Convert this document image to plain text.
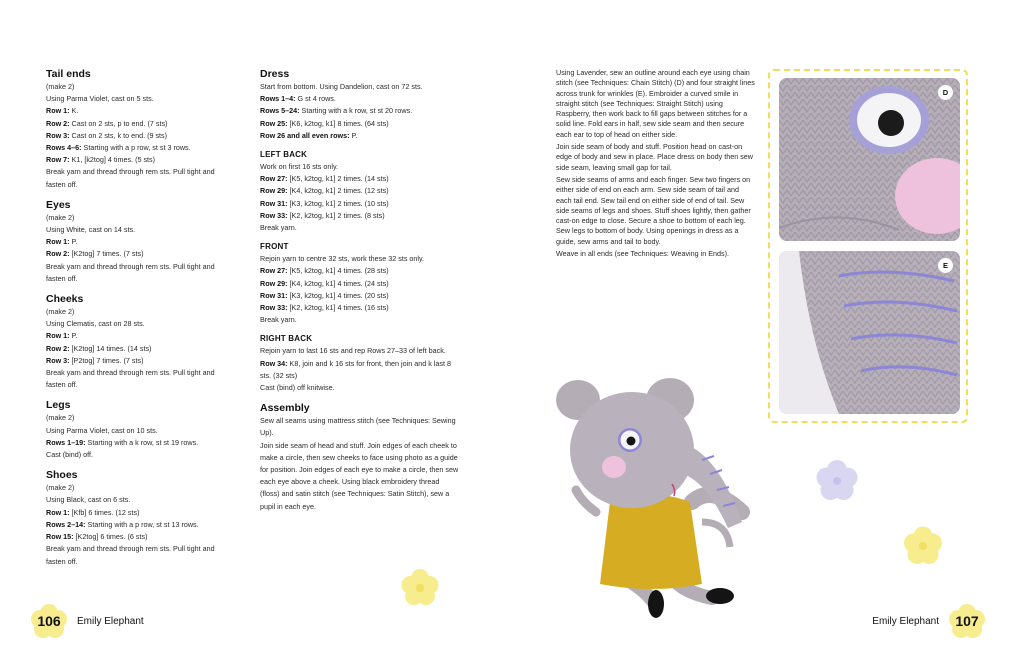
Tail ends
(make 2)
Using Parma Violet, cast on 5 sts.
Row 1: K.
Row 2: Cast on 2 sts, p to end. (7 sts)
Row 3: Cast on 2 sts, k to end. (9 sts)
Rows 4–6: Starting with a p row, st st 3 rows.
Row 7: K1, [k2tog] 4 times. (5 sts)
Break yarn and thread through rem sts. Pull tight and fasten off.
Eyes
(make 2)
Using White, cast on 14 sts.
Row 1: P.
Row 2: [K2tog] 7 times. (7 sts)
Break yarn and thread through rem sts. Pull tight and fasten off.
Cheeks
(make 2)
Using Clematis, cast on 28 sts.
Row 1: P.
Row 2: [K2tog] 14 times. (14 sts)
Row 3: [P2tog] 7 times. (7 sts)
Break yarn and thread through rem sts. Pull tight and fasten off.
Legs
(make 2)
Using Parma Violet, cast on 10 sts.
Rows 1–19: Starting with a k row, st st 19 rows.
Cast (bind) off.
Shoes
(make 2)
Using Black, cast on 6 sts.
Row 1: [Kfb] 6 times. (12 sts)
Rows 2–14: Starting with a p row, st st 13 rows.
Row 15: [K2tog] 6 times. (6 sts)
Break yarn and thread through rem sts. Pull tight and fasten off.
Dress
Start from bottom. Using Dandelion, cast on 72 sts.
Rows 1–4: G st 4 rows.
Rows 5–24: Starting with a k row, st st 20 rows.
Row 25: [K6, k2tog, k1] 8 times. (64 sts)
Row 26 and all even rows: P.
LEFT BACK
Work on first 16 sts only.
Row 27: [K5, k2tog, k1] 2 times. (14 sts)
Row 29: [K4, k2tog, k1] 2 times. (12 sts)
Row 31: [K3, k2tog, k1] 2 times. (10 sts)
Row 33: [K2, k2tog, k1] 2 times. (8 sts)
Break yarn.
FRONT
Rejoin yarn to centre 32 sts, work these 32 sts only.
Row 27: [K5, k2tog, k1] 4 times. (28 sts)
Row 29: [K4, k2tog, k1] 4 times. (24 sts)
Row 31: [K3, k2tog, k1] 4 times. (20 sts)
Row 33: [K2, k2tog, k1] 4 times. (16 sts)
Break yarn.
RIGHT BACK
Rejoin yarn to last 16 sts and rep Rows 27–33 of left back.
Row 34: K8, join and k 16 sts for front, then join and k last 8 sts. (32 sts)
Cast (bind) off knitwise.
Assembly
Sew all seams using mattress stitch (see Techniques: Sewing Up).
Join side seam of head and stuff. Join edges of each cheek to make a circle, then sew cheeks to face using photo as a guide for position. Join edges of each eye to make a circle, then sew each eye above a cheek. Using black embroidery thread (floss) and satin stitch (see Techniques: Satin Stitch), sew a pupil in each eye.
Using Lavender, sew an outline around each eye using chain stitch (see Techniques: Chain Stitch) (D) and four straight lines across trunk for wrinkles (E). Embroider a curved smile in straight stitch (see Techniques: Straight Stitch) using Raspberry, then work back to fill gaps between stitches for a solid line. Fold ears in half, sew side seam and then secure each ear to top of head on either side.
Join side seam of body and stuff. Position head on cast-on edge of body and sew in place. Place dress on body then sew side seam, leaving small gap for tail.
Sew side seams of arms and each finger. Sew two fingers on either side of end on each arm. Sew side seam of tail and each tail end. Sew tail end on either side of end of tail. Sew side seams of legs and shoes. Stuff shoes lightly, then gather cast-on edge to close. Secure a shoe to bottom of each leg. Sew legs to bottom of body. Using openings in dress as a guide, sew arms and tail to body.
Weave in all ends (see Techniques: Weaving in Ends).
D
E
106	Emily Elephant	Emily Elephant	107
